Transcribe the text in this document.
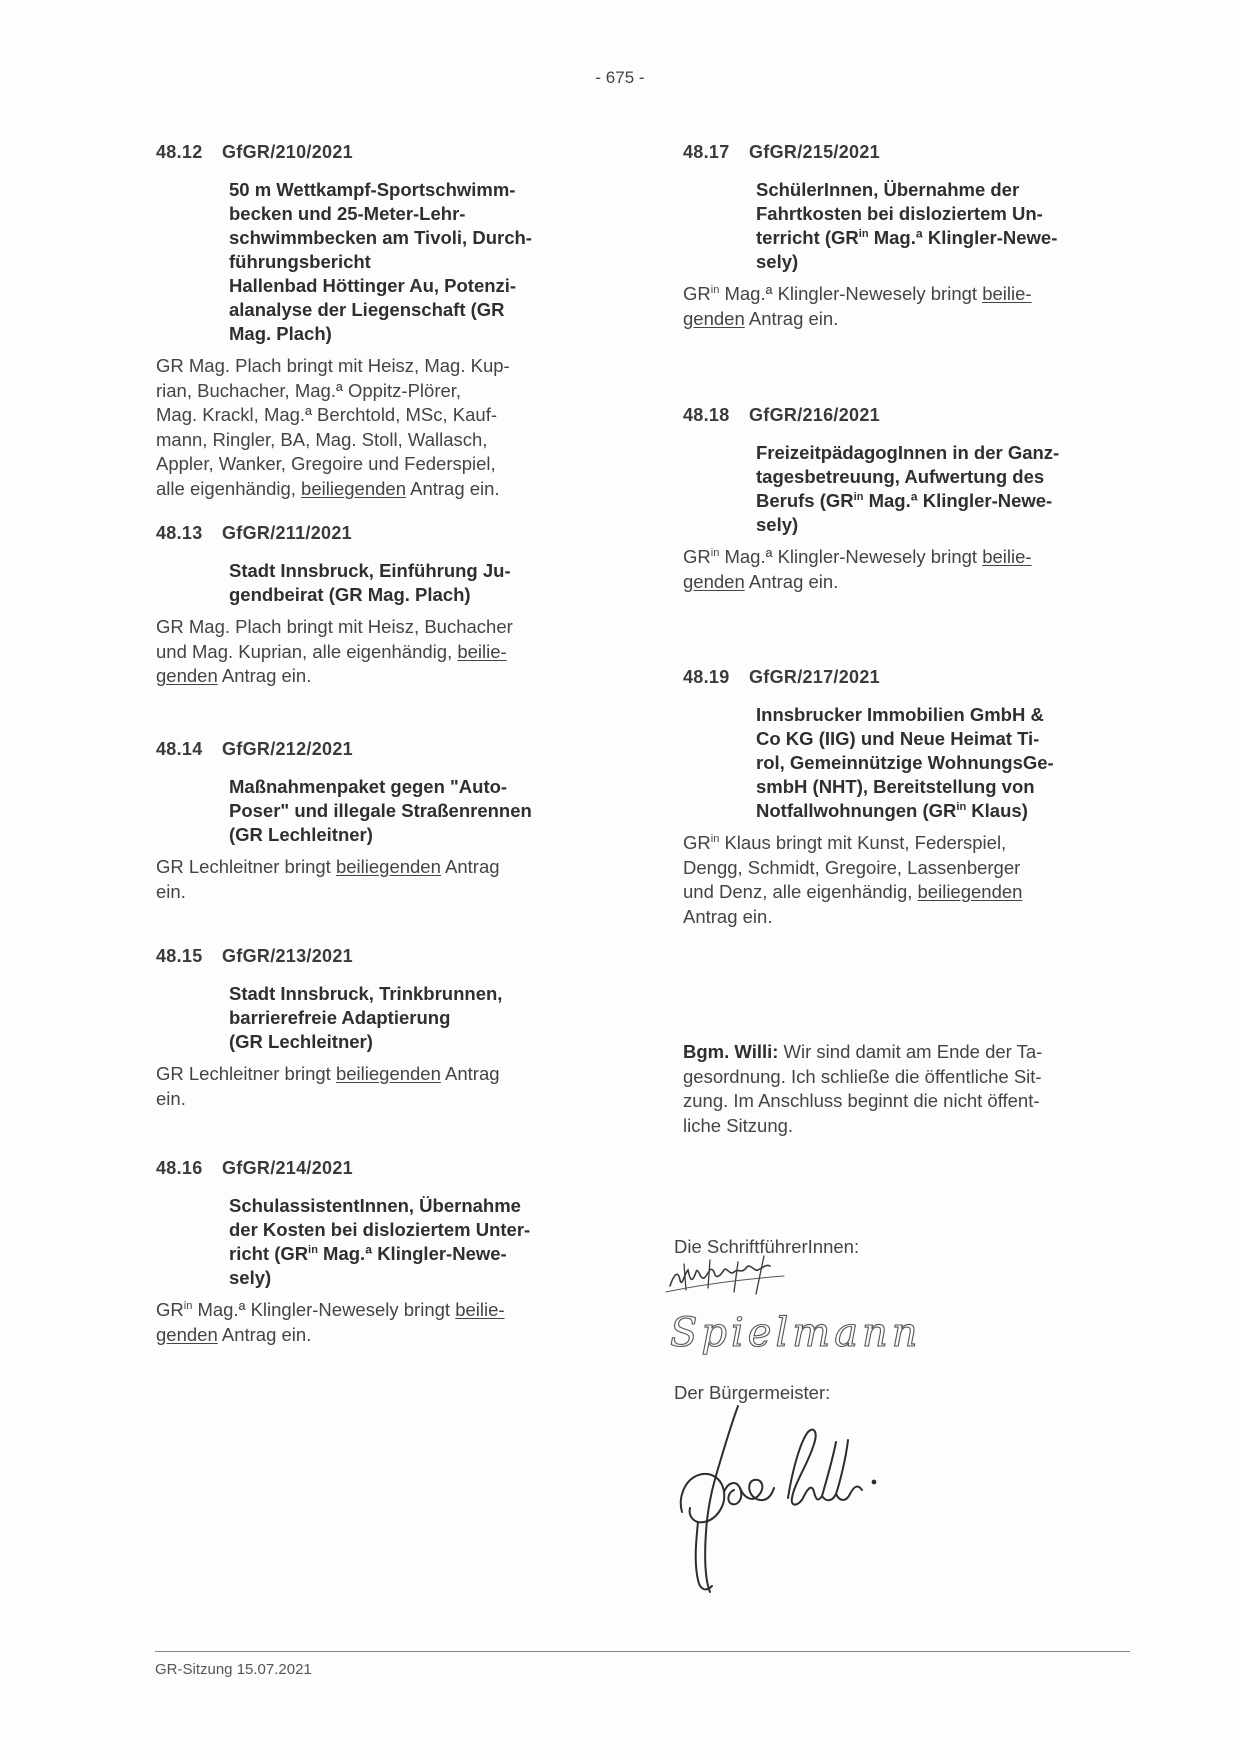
- 675 -
48.12 GfGR/210/2021
50 m Wettkampf-Sportschwimm-
becken und 25-Meter-Lehr-
schwimmbecken am Tivoli, Durch-
führungsbericht
Hallenbad Höttinger Au, Potenzi-
alanalyse der Liegenschaft (GR
Mag. Plach)
GR Mag. Plach bringt mit Heisz, Mag. Kup-
rian, Buchacher, Mag.ª Oppitz-Plörer,
Mag. Krackl, Mag.ª Berchtold, MSc, Kauf-
mann, Ringler, BA, Mag. Stoll, Wallasch,
Appler, Wanker, Gregoire und Federspiel,
alle eigenhändig, beiliegenden Antrag ein.
48.13 GfGR/211/2021
Stadt Innsbruck, Einführung Ju-
gendbeirat (GR Mag. Plach)
GR Mag. Plach bringt mit Heisz, Buchacher
und Mag. Kuprian, alle eigenhändig, beilie-
genden Antrag ein.
48.14 GfGR/212/2021
Maßnahmenpaket gegen "Auto-
Poser" und illegale Straßenrennen
(GR Lechleitner)
GR Lechleitner bringt beiliegenden Antrag
ein.
48.15 GfGR/213/2021
Stadt Innsbruck, Trinkbrunnen,
barrierefreie Adaptierung
(GR Lechleitner)
GR Lechleitner bringt beiliegenden Antrag
ein.
48.16 GfGR/214/2021
SchulassistentInnen, Übernahme
der Kosten bei disloziertem Unter-
richt ($GR^{in}$ Mag.ª Klingler-Newe-
sely)
$GR^{in}$ Mag.ª Klingler-Newesely bringt beilie-
genden Antrag ein.
48.17 GfGR/215/2021
SchülerInnen, Übernahme der
Fahrtkosten bei disloziertem Un-
terricht ($GR^{in}$ Mag.ª Klingler-Newe-
sely)
$GR^{in}$ Mag.ª Klingler-Newesely bringt beilie-
genden Antrag ein.
48.18 GfGR/216/2021
FreizeitpädagogInnen in der Ganz-
tagesbetreuung, Aufwertung des
Berufs ($GR^{in}$ Mag.ª Klingler-Newe-
sely)
$GR^{in}$ Mag.ª Klingler-Newesely bringt beilie-
genden Antrag ein.
48.19 GfGR/217/2021
Innsbrucker Immobilien GmbH &
Co KG (IIG) und Neue Heimat Ti-
rol, Gemeinnützige WohnungsGe-
smbH (NHT), Bereitstellung von
Notfallwohnungen ($GR^{in}$ Klaus)
$GR^{in}$ Klaus bringt mit Kunst, Federspiel,
Dengg, Schmidt, Gregoire, Lassenberger
und Denz, alle eigenhändig, beiliegenden
Antrag ein.
Bgm. Willi: Wir sind damit am Ende der Ta-
gesordnung. Ich schließe die öffentliche Sit-
zung. Im Anschluss beginnt die nicht öffent-
liche Sitzung.
Die SchriftführerInnen:
Spielmann
Der Bürgermeister:
GR-Sitzung 15.07.2021
